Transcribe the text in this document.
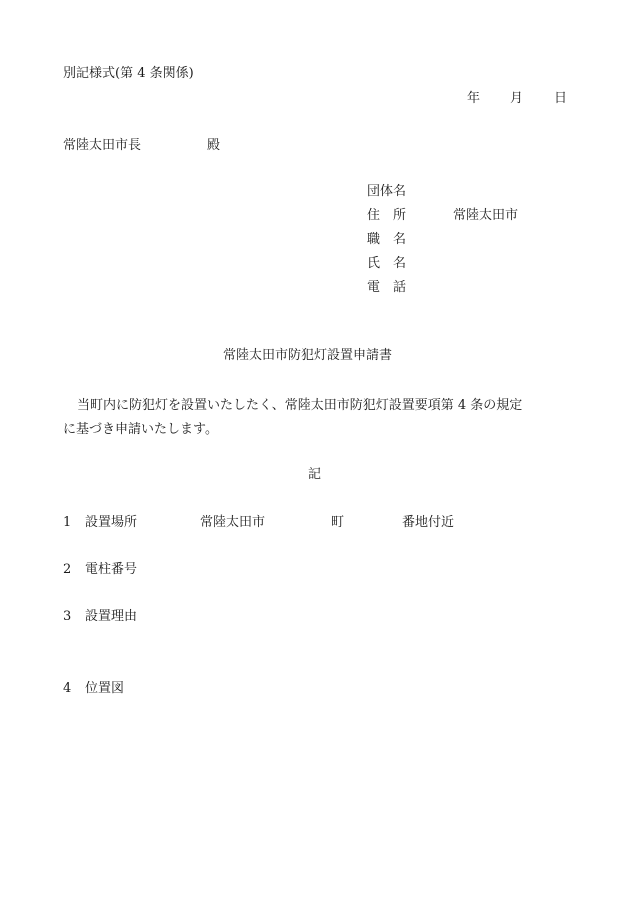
別記様式(第 4 条関係)
年 月 日
常陸太田市長	殿
団体名
住　所	常陸太田市
職　名
氏　名
電　話
常陸太田市防犯灯設置申請書
当町内に防犯灯を設置いたしたく、常陸太田市防犯灯設置要項第 4 条の規定
に基づき申請いたします。
記
1 設置場所	常陸太田市	町	番地付近
2 電柱番号
3 設置理由
4 位置図
